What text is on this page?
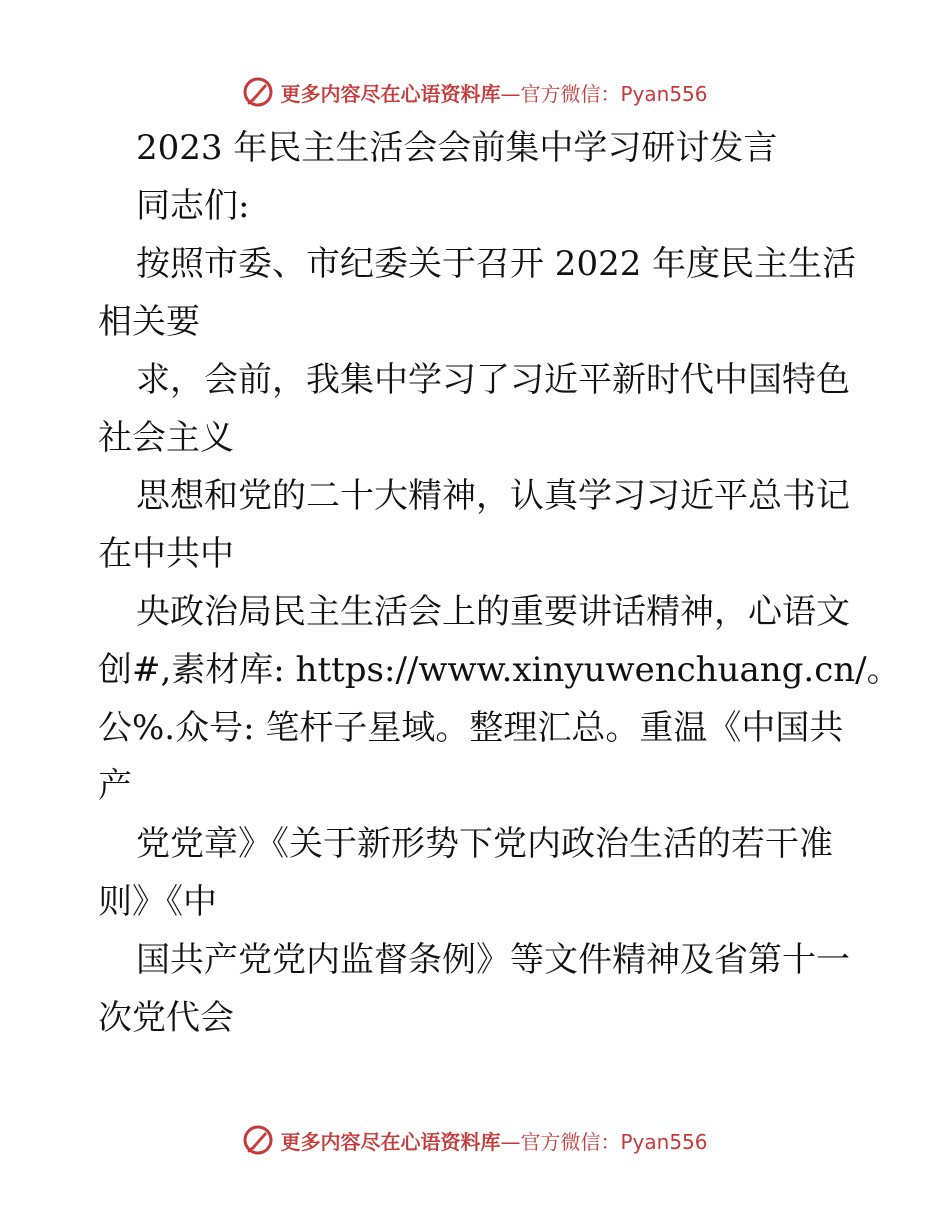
更多内容尽在心语资料库—官方微信：Pyan556
2023 年民主生活会会前集中学习研讨发言
同志们:
按照市委、市纪委关于召开 2022 年度民主生活
相关要
求，会前，我集中学习了习近平新时代中国特色
社会主义
思想和党的二十大精神，认真学习习近平总书记
在中共中
央政治局民主生活会上的重要讲话精神，心语文
创#,素材库: https://www.xinyuwenchuang.cn/。
公%.众号: 笔杆子星域。整理汇总。重温《中国共
产
党党章》《关于新形势下党内政治生活的若干准
则》《中
国共产党党内监督条例》等文件精神及省第十一
次党代会
更多内容尽在心语资料库—官方微信：Pyan556
